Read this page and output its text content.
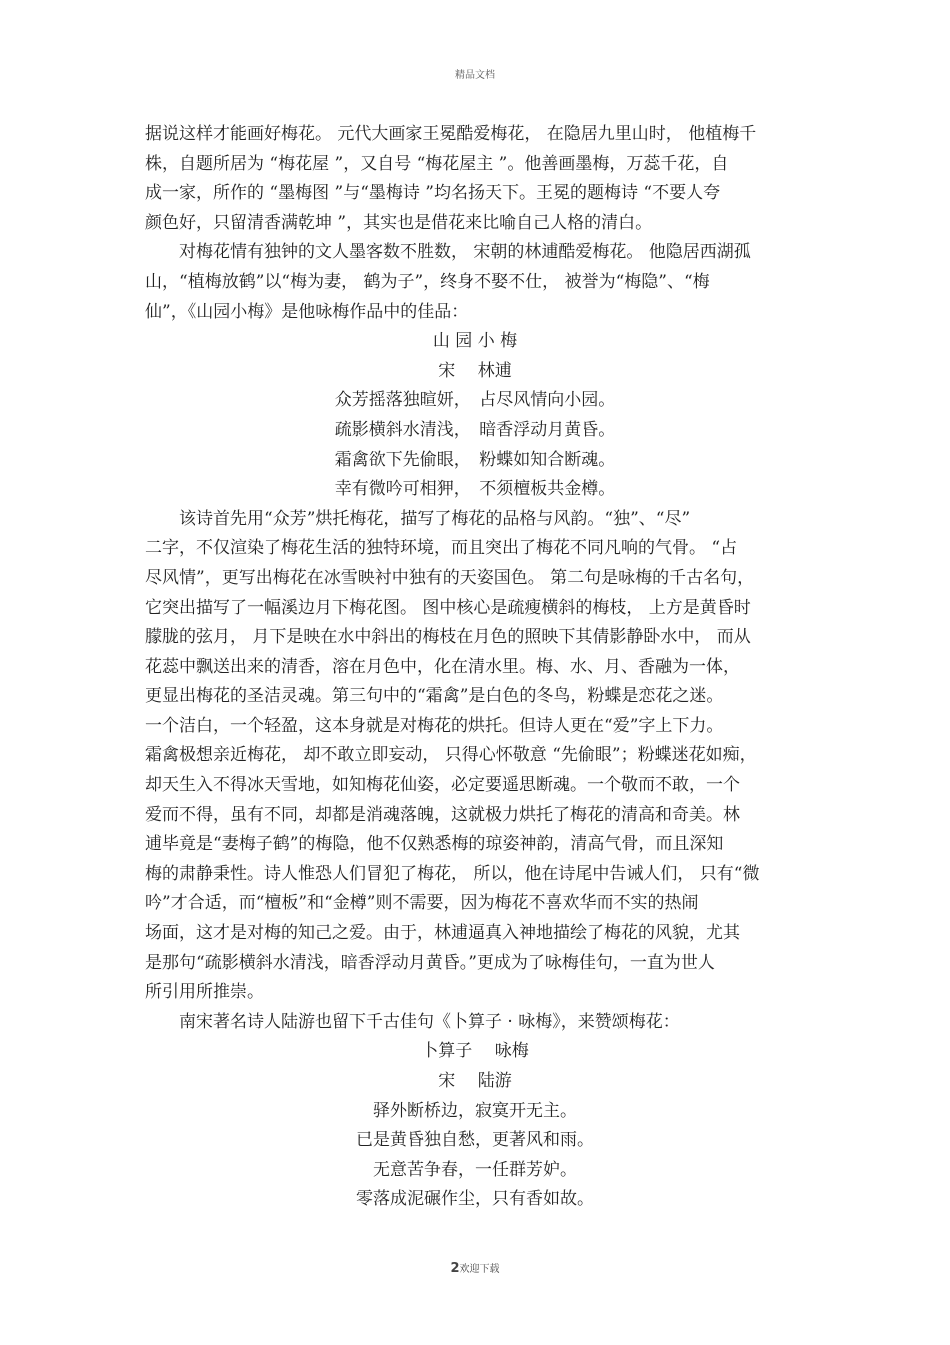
精品文档

据说这样才能画好梅花。 元代大画家王冕酷爱梅花， 在隐居九里山时， 他植梅千

株，自题所居为 “梅花屋 ”，又自号 “梅花屋主 ”。他善画墨梅，万蕊千花，自

成一家，所作的 “墨梅图 ”与“墨梅诗 ”均名扬天下。王冕的题梅诗 “不要人夸

颜色好，只留清香满乾坤 ”，其实也是借花来比喻自己人格的清白。

对梅花情有独钟的文人墨客数不胜数， 宋朝的林逋酷爱梅花。 他隐居西湖孤

山，“植梅放鹤”以“梅为妻， 鹤为子”，终身不娶不仕， 被誉为“梅隐”、“梅

仙”，《山园小梅》是他咏梅作品中的佳品：

山 园 小 梅

宋　 林逋

众芳摇落独暄妍，　占尽风情向小园。

疏影横斜水清浅，　暗香浮动月黄昏。

霜禽欲下先偷眼，　粉蝶如知合断魂。

幸有微吟可相狎，　不须檀板共金樽。

该诗首先用“众芳”烘托梅花，描写了梅花的品格与风韵。“独”、“尽”

二字，不仅渲染了梅花生活的独特环境，而且突出了梅花不同凡响的气骨。 “占

尽风情”，更写出梅花在冰雪映衬中独有的天姿国色。 第二句是咏梅的千古名句，

它突出描写了一幅溪边月下梅花图。 图中核心是疏瘦横斜的梅枝， 上方是黄昏时

朦胧的弦月， 月下是映在水中斜出的梅枝在月色的照映下其倩影静卧水中， 而从

花蕊中飘送出来的清香，溶在月色中，化在清水里。梅、水、月、香融为一体，

更显出梅花的圣洁灵魂。第三句中的“霜禽”是白色的冬鸟，粉蝶是恋花之迷。

一个洁白，一个轻盈，这本身就是对梅花的烘托。但诗人更在“爱”字上下力。

霜禽极想亲近梅花， 却不敢立即妄动， 只得心怀敬意 “先偷眼”；粉蝶迷花如痴，

却天生入不得冰天雪地，如知梅花仙姿，必定要遥思断魂。一个敬而不敢，一个

爱而不得，虽有不同，却都是消魂落魄，这就极力烘托了梅花的清高和奇美。林

逋毕竟是“妻梅子鹤”的梅隐，他不仅熟悉梅的琼姿神韵，清高气骨，而且深知

梅的肃静秉性。诗人惟恐人们冒犯了梅花， 所以，他在诗尾中告诫人们， 只有“微

吟”才合适，而“檀板”和“金樽”则不需要，因为梅花不喜欢华而不实的热闹

场面，这才是对梅的知己之爱。由于，林逋逼真入神地描绘了梅花的风貌，尤其

是那句“疏影横斜水清浅，暗香浮动月黄昏。”更成为了咏梅佳句，一直为世人

所引用所推崇。

南宋著名诗人陆游也留下千古佳句《卜算子 · 咏梅》，来赞颂梅花：

卜算子　 咏梅

宋　 陆游

驿外断桥边，寂寞开无主。

已是黄昏独自愁，更著风和雨。

无意苦争春，一任群芳妒。

零落成泥碾作尘，只有香如故。

2欢迎下载
